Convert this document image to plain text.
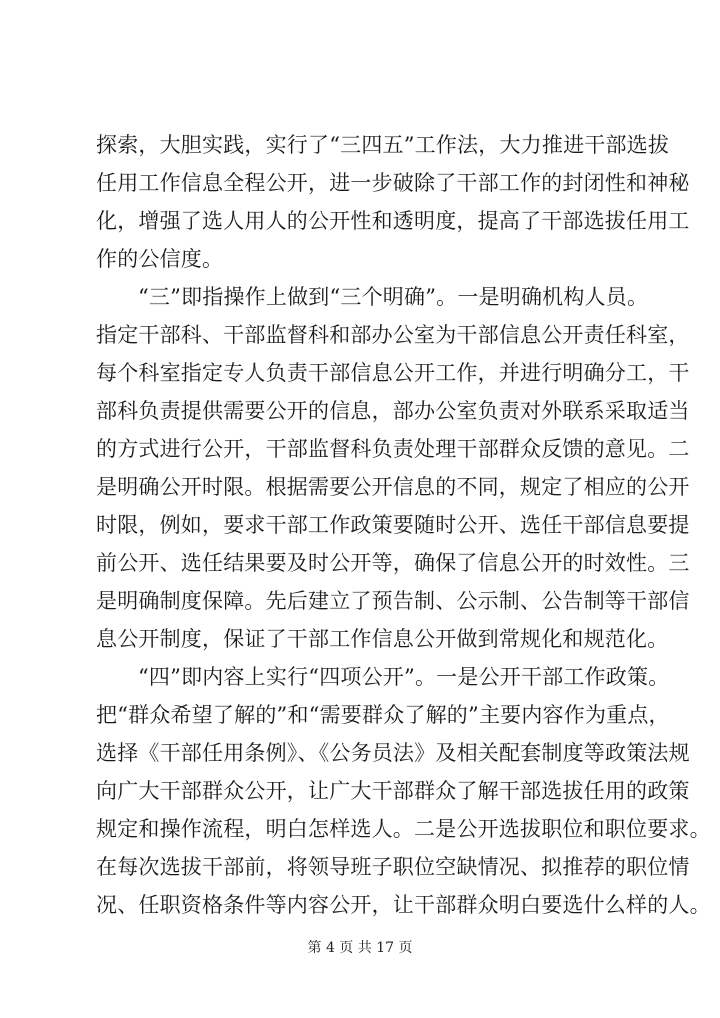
探索，大胆实践，实行了“三四五”工作法，大力推进干部选拔
任用工作信息全程公开，进一步破除了干部工作的封闭性和神秘
化，增强了选人用人的公开性和透明度，提高了干部选拔任用工
作的公信度。
“三”即指操作上做到“三个明确”。一是明确机构人员。
指定干部科、干部监督科和部办公室为干部信息公开责任科室，
每个科室指定专人负责干部信息公开工作，并进行明确分工，干
部科负责提供需要公开的信息，部办公室负责对外联系采取适当
的方式进行公开，干部监督科负责处理干部群众反馈的意见。二
是明确公开时限。根据需要公开信息的不同，规定了相应的公开
时限，例如，要求干部工作政策要随时公开、选任干部信息要提
前公开、选任结果要及时公开等，确保了信息公开的时效性。三
是明确制度保障。先后建立了预告制、公示制、公告制等干部信
息公开制度，保证了干部工作信息公开做到常规化和规范化。
“四”即内容上实行“四项公开”。一是公开干部工作政策。
把“群众希望了解的”和“需要群众了解的”主要内容作为重点，
选择《干部任用条例》、《公务员法》及相关配套制度等政策法规
向广大干部群众公开，让广大干部群众了解干部选拔任用的政策
规定和操作流程，明白怎样选人。二是公开选拔职位和职位要求。
在每次选拔干部前，将领导班子职位空缺情况、拟推荐的职位情
况、任职资格条件等内容公开，让干部群众明白要选什么样的人。
第 4 页 共 17 页
